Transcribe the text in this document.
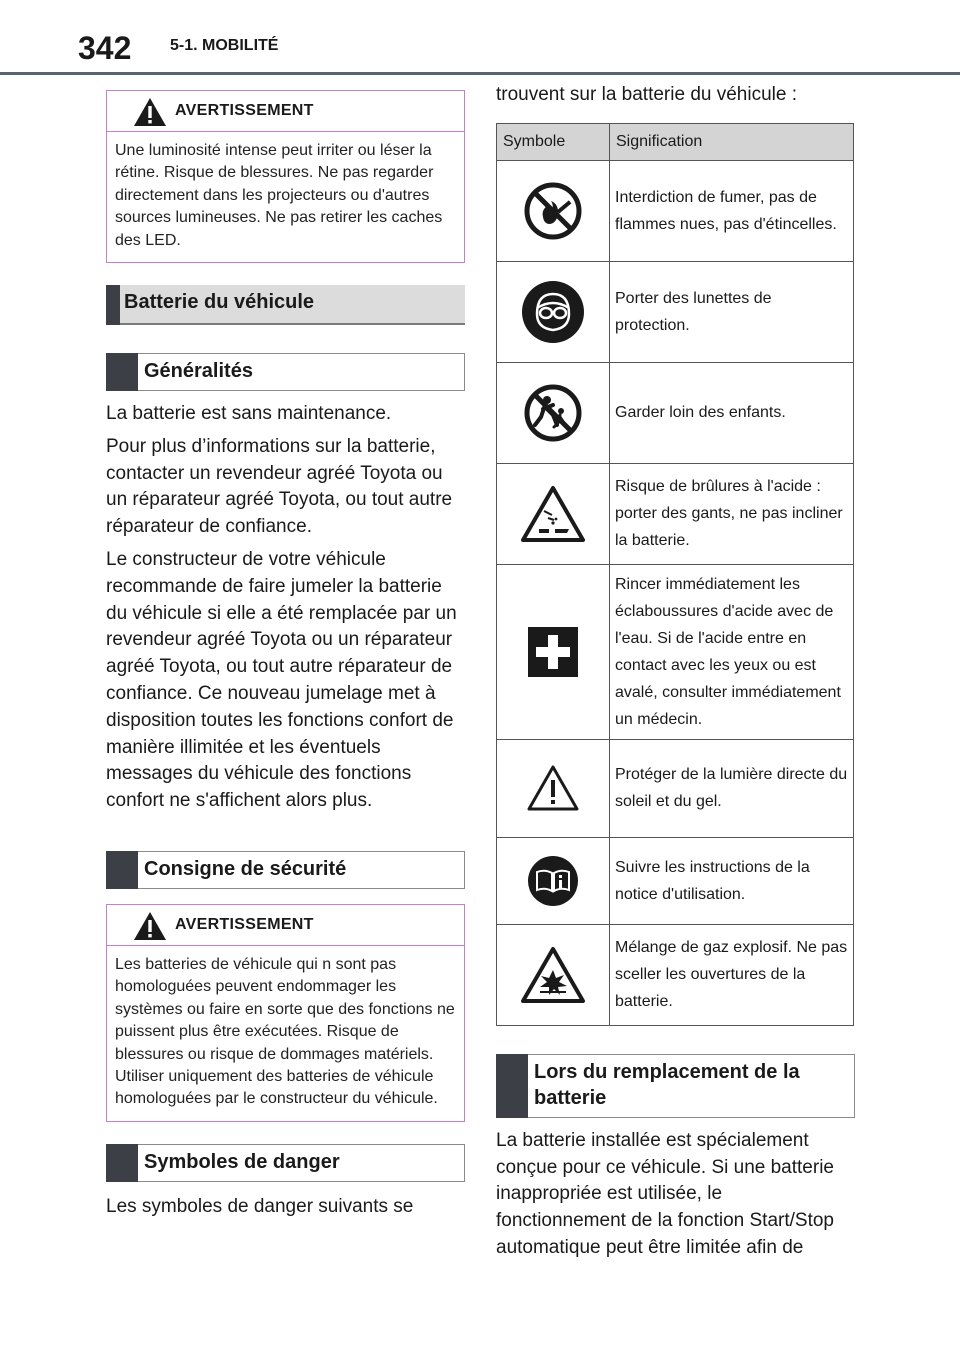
342 5-1. MOBILITÉ
AVERTISSEMENT
Une luminosité intense peut irriter ou léser la rétine. Risque de blessures. Ne pas regarder directement dans les projecteurs ou d'autres sources lumineuses. Ne pas retirer les caches des LED.
Batterie du véhicule
Généralités

La batterie est sans maintenance.

Pour plus d’informations sur la batterie, contacter un revendeur agréé Toyota ou un réparateur agréé Toyota, ou tout autre réparateur de confiance.

Le constructeur de votre véhicule recommande de faire jumeler la batterie du véhicule si elle a été remplacée par un revendeur agréé Toyota ou un réparateur agréé Toyota, ou tout autre réparateur de confiance. Ce nouveau jumelage met à disposition toutes les fonctions confort de manière illimitée et les éventuels messages du véhicule des fonctions confort ne s'affichent alors plus.

Consigne de sécurité
AVERTISSEMENT
Les batteries de véhicule qui n sont pas homologuées peuvent endommager les systèmes ou faire en sorte que des fonctions ne puissent plus être exécutées. Risque de blessures ou risque de dommages matériels. Utiliser uniquement des batteries de véhicule homologuées par le constructeur du véhicule.
Symboles de danger

Les symboles de danger suivants se

trouvent sur la batterie du véhicule :

Symbole	Signification
	Interdiction de fumer, pas de flammes nues, pas d'étincelles.
	Porter des lunettes de protection.
	Garder loin des enfants.
	Risque de brûlures à l'acide : porter des gants, ne pas incliner la batterie.
	Rincer immédiatement les éclaboussures d'acide avec de l'eau. Si de l'acide entre en contact avec les yeux ou est avalé, consulter immédiatement un médecin.
	Protéger de la lumière directe du soleil et du gel.
	Suivre les instructions de la notice d'utilisation.
	Mélange de gaz explosif. Ne pas sceller les ouvertures de la batterie.
Lors du remplacement de la batterie

La batterie installée est spécialement conçue pour ce véhicule. Si une batterie inappropriée est utilisée, le fonctionnement de la fonction Start/Stop automatique peut être limitée afin de
